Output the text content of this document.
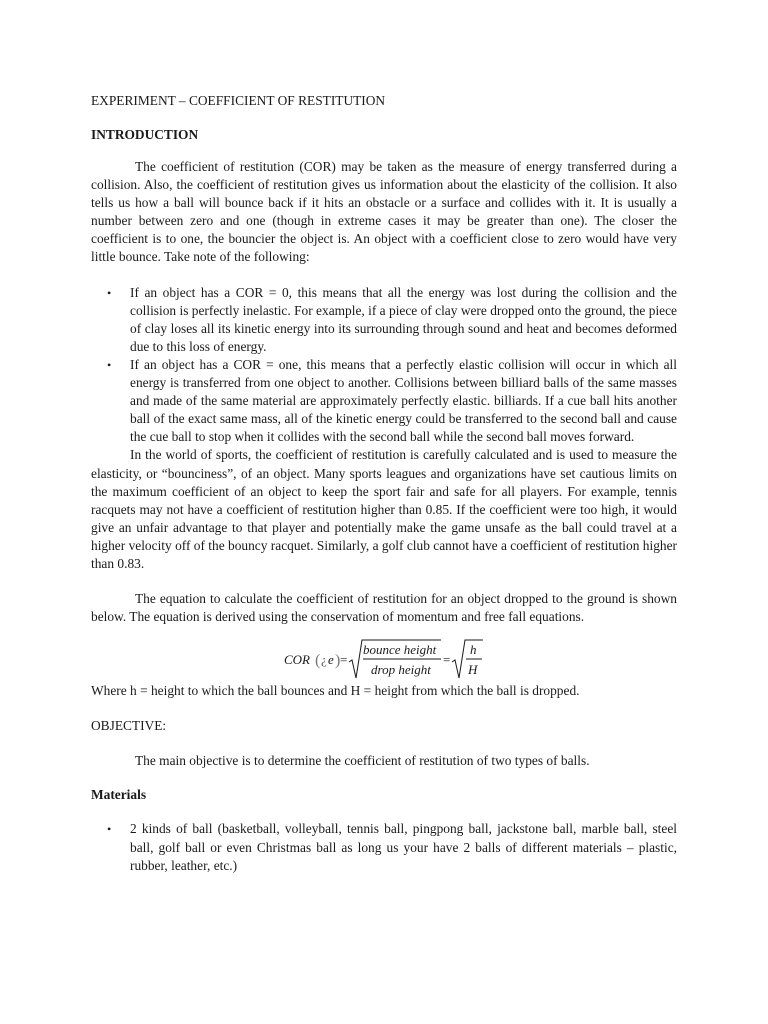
EXPERIMENT – COEFFICIENT OF RESTITUTION
INTRODUCTION

The coefficient of restitution (COR) may be taken as the measure of energy transferred during a collision. Also, the coefficient of restitution gives us information about the elasticity of the collision. It also tells us how a ball will bounce back if it hits an obstacle or a surface and collides with it. It is usually a number between zero and one (though in extreme cases it may be greater than one). The closer the coefficient is to one, the bouncier the object is. An object with a coefficient close to zero would have very little bounce. Take note of the following:

• If an object has a COR = 0, this means that all the energy was lost during the collision and the collision is perfectly inelastic. For example, if a piece of clay were dropped onto the ground, the piece of clay loses all its kinetic energy into its surrounding through sound and heat and becomes deformed due to this loss of energy.
• If an object has a COR = one, this means that a perfectly elastic collision will occur in which all energy is transferred from one object to another. Collisions between billiard balls of the same masses and made of the same material are approximately perfectly elastic. billiards. If a cue ball hits another ball of the exact same mass, all of the kinetic energy could be transferred to the second ball and cause the cue ball to stop when it collides with the second ball while the second ball moves forward.

In the world of sports, the coefficient of restitution is carefully calculated and is used to measure the elasticity, or “bounciness”, of an object. Many sports leagues and organizations have set cautious limits on the maximum coefficient of an object to keep the sport fair and safe for all players. For example, tennis racquets may not have a coefficient of restitution higher than 0.85. If the coefficient were too high, it would give an unfair advantage to that player and potentially make the game unsafe as the ball could travel at a higher velocity off of the bouncy racquet. Similarly, a golf club cannot have a coefficient of restitution higher than 0.83.

The equation to calculate the coefficient of restitution for an object dropped to the ground is shown below. The equation is derived using the conservation of momentum and free fall equations.

COR ( ¿ e ) =
bounce height
drop height
=
h
H

Where h = height to which the ball bounces and H = height from which the ball is dropped.

OBJECTIVE:

The main objective is to determine the coefficient of restitution of two types of balls.

Materials
• 2 kinds of ball (basketball, volleyball, tennis ball, pingpong ball, jackstone ball, marble ball, steel ball, golf ball or even Christmas ball as long us your have 2 balls of different materials – plastic, rubber, leather, etc.)
